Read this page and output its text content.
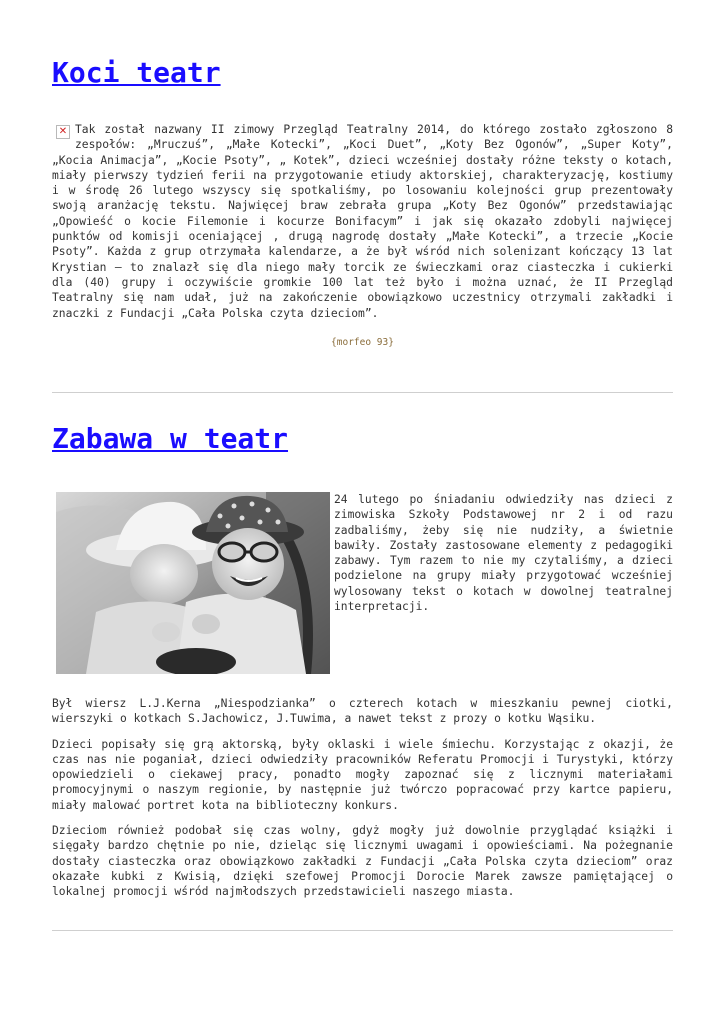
Koci teatr
✕ Tak został nazwany II zimowy Przegląd Teatralny 2014, do którego zostało zgłoszono 8 zespołów: „Mruczuś”, „Małe Kotecki”, „Koci Duet”, „Koty Bez Ogonów”, „Super Koty”, „Kocia Animacja”, „Kocie Psoty”, „ Kotek”, dzieci wcześniej dostały różne teksty o kotach, miały pierwszy tydzień ferii na przygotowanie etiudy aktorskiej, charakteryzację, kostiumy i w środę 26 lutego wszyscy się spotkaliśmy, po losowaniu kolejności grup prezentowały swoją aranżację tekstu. Najwięcej braw zebrała grupa „Koty Bez Ogonów” przedstawiając „Opowieść o kocie Filemonie i kocurze Bonifacym” i jak się okazało zdobyli najwięcej punktów od komisji oceniającej , drugą nagrodę dostały „Małe Kotecki”, a trzecie „Kocie Psoty”. Każda z grup otrzymała kalendarze, a że był wśród nich solenizant kończący 13 lat Krystian – to znalazł się dla niego mały torcik ze świeczkami oraz ciasteczka i cukierki dla (40) grupy i oczywiście gromkie 100 lat też było i można uznać, że II Przegląd Teatralny się nam udał, już na zakończenie obowiązkowo uczestnicy otrzymali zakładki i znaczki z Fundacji „Cała Polska czyta dzieciom”.
{morfeo 93}
Zabawa w teatr

24 lutego po śniadaniu odwiedziły nas dzieci z zimowiska Szkoły Podstawowej nr 2 i od razu zadbaliśmy, żeby się nie nudziły, a świetnie bawiły. Zostały zastosowane elementy z pedagogiki zabawy. Tym razem to nie my czytaliśmy, a dzieci podzielone na grupy miały przygotować wcześniej wylosowany tekst o kotach w dowolnej teatralnej interpretacji.

Był wiersz L.J.Kerna „Niespodzianka” o czterech kotach w mieszkaniu pewnej ciotki, wierszyki o kotkach S.Jachowicz, J.Tuwima, a nawet tekst z prozy o kotku Wąsiku.

Dzieci popisały się grą aktorską, były oklaski i wiele śmiechu. Korzystając z okazji, że czas nas nie poganiał, dzieci odwiedziły pracowników Referatu Promocji i Turystyki, którzy opowiedzieli o ciekawej pracy, ponadto mogły zapoznać się z licznymi materiałami promocyjnymi o naszym regionie, by następnie już twórczo popracować przy kartce papieru, miały malować portret kota na biblioteczny konkurs.

Dzieciom również podobał się czas wolny, gdyż mogły już dowolnie przyglądać książki i sięgały bardzo chętnie po nie, dzieląc się licznymi uwagami i opowieściami. Na pożegnanie dostały ciasteczka oraz obowiązkowo zakładki z Fundacji „Cała Polska czyta dzieciom” oraz okazałe kubki z Kwisią, dzięki szefowej Promocji Dorocie Marek zawsze pamiętającej o lokalnej promocji wśród najmłodszych przedstawicieli naszego miasta.
